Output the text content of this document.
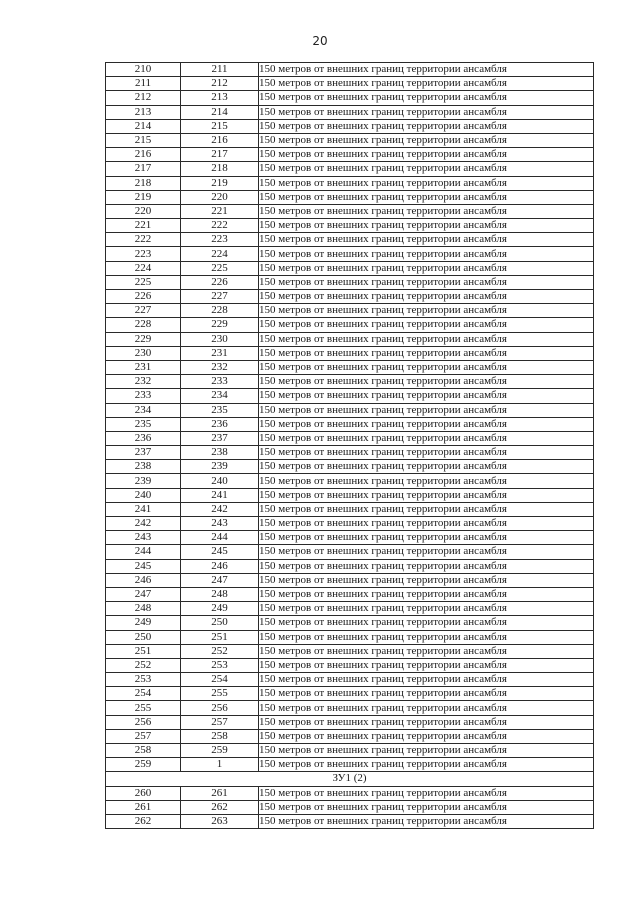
20
210	211	150 метров от внешних границ территории ансамбля
211	212	150 метров от внешних границ территории ансамбля
212	213	150 метров от внешних границ территории ансамбля
213	214	150 метров от внешних границ территории ансамбля
214	215	150 метров от внешних границ территории ансамбля
215	216	150 метров от внешних границ территории ансамбля
216	217	150 метров от внешних границ территории ансамбля
217	218	150 метров от внешних границ территории ансамбля
218	219	150 метров от внешних границ территории ансамбля
219	220	150 метров от внешних границ территории ансамбля
220	221	150 метров от внешних границ территории ансамбля
221	222	150 метров от внешних границ территории ансамбля
222	223	150 метров от внешних границ территории ансамбля
223	224	150 метров от внешних границ территории ансамбля
224	225	150 метров от внешних границ территории ансамбля
225	226	150 метров от внешних границ территории ансамбля
226	227	150 метров от внешних границ территории ансамбля
227	228	150 метров от внешних границ территории ансамбля
228	229	150 метров от внешних границ территории ансамбля
229	230	150 метров от внешних границ территории ансамбля
230	231	150 метров от внешних границ территории ансамбля
231	232	150 метров от внешних границ территории ансамбля
232	233	150 метров от внешних границ территории ансамбля
233	234	150 метров от внешних границ территории ансамбля
234	235	150 метров от внешних границ территории ансамбля
235	236	150 метров от внешних границ территории ансамбля
236	237	150 метров от внешних границ территории ансамбля
237	238	150 метров от внешних границ территории ансамбля
238	239	150 метров от внешних границ территории ансамбля
239	240	150 метров от внешних границ территории ансамбля
240	241	150 метров от внешних границ территории ансамбля
241	242	150 метров от внешних границ территории ансамбля
242	243	150 метров от внешних границ территории ансамбля
243	244	150 метров от внешних границ территории ансамбля
244	245	150 метров от внешних границ территории ансамбля
245	246	150 метров от внешних границ территории ансамбля
246	247	150 метров от внешних границ территории ансамбля
247	248	150 метров от внешних границ территории ансамбля
248	249	150 метров от внешних границ территории ансамбля
249	250	150 метров от внешних границ территории ансамбля
250	251	150 метров от внешних границ территории ансамбля
251	252	150 метров от внешних границ территории ансамбля
252	253	150 метров от внешних границ территории ансамбля
253	254	150 метров от внешних границ территории ансамбля
254	255	150 метров от внешних границ территории ансамбля
255	256	150 метров от внешних границ территории ансамбля
256	257	150 метров от внешних границ территории ансамбля
257	258	150 метров от внешних границ территории ансамбля
258	259	150 метров от внешних границ территории ансамбля
259	1	150 метров от внешних границ территории ансамбля
ЗУ1 (2)		
260	261	150 метров от внешних границ территории ансамбля
261	262	150 метров от внешних границ территории ансамбля
262	263	150 метров от внешних границ территории ансамбля
